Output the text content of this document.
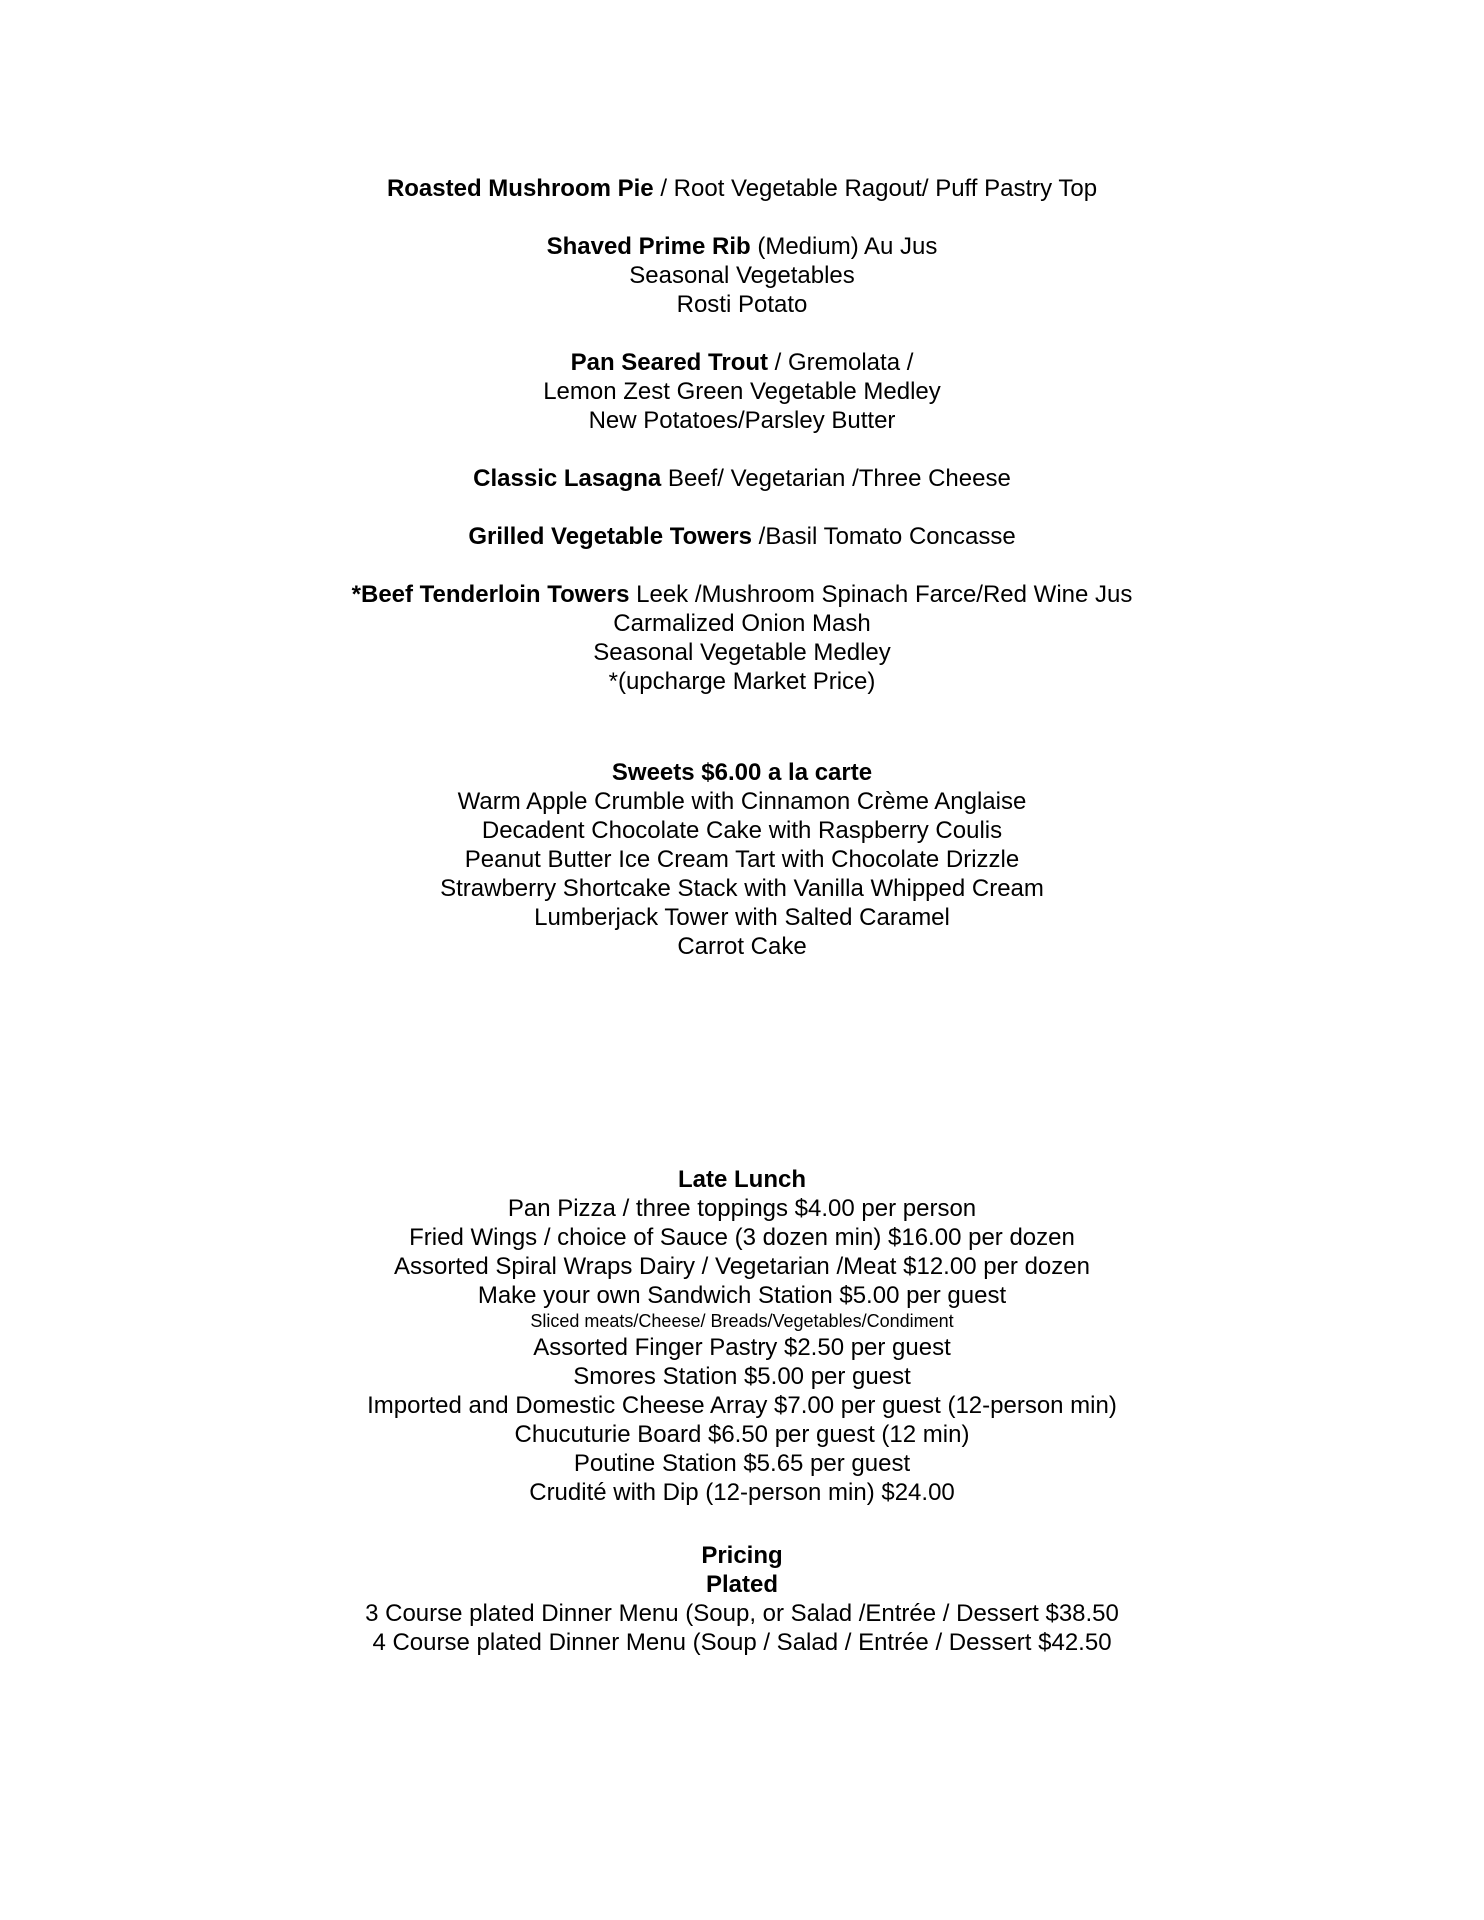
Roasted Mushroom Pie / Root Vegetable Ragout/ Puff Pastry Top
Shaved Prime Rib (Medium) Au Jus
Seasonal Vegetables
Rosti Potato
Pan Seared Trout / Gremolata /
Lemon Zest Green Vegetable Medley
New Potatoes/Parsley Butter
Classic Lasagna Beef/ Vegetarian /Three Cheese
Grilled Vegetable Towers /Basil Tomato Concasse
*Beef Tenderloin Towers Leek /Mushroom Spinach Farce/Red Wine Jus
Carmalized Onion Mash
Seasonal Vegetable Medley
*(upcharge Market Price)
Sweets $6.00 a la carte
Warm Apple Crumble with Cinnamon Crème Anglaise
Decadent Chocolate Cake with Raspberry Coulis
Peanut Butter Ice Cream Tart with Chocolate Drizzle
Strawberry Shortcake Stack with Vanilla Whipped Cream
Lumberjack Tower with Salted Caramel
Carrot Cake
Late Lunch
Pan Pizza / three toppings $4.00 per person
Fried Wings / choice of Sauce (3 dozen min) $16.00 per dozen
Assorted Spiral Wraps Dairy / Vegetarian /Meat $12.00 per dozen
Make your own Sandwich Station $5.00 per guest
Sliced meats/Cheese/ Breads/Vegetables/Condiment
Assorted Finger Pastry $2.50 per guest
Smores Station $5.00 per guest
Imported and Domestic Cheese Array $7.00 per guest (12-person min)
Chucuturie Board $6.50 per guest (12 min)
Poutine Station $5.65 per guest
Crudité with Dip (12-person min) $24.00
Pricing
Plated
3 Course plated Dinner Menu (Soup, or Salad /Entrée / Dessert $38.50
4 Course plated Dinner Menu (Soup / Salad / Entrée / Dessert $42.50
